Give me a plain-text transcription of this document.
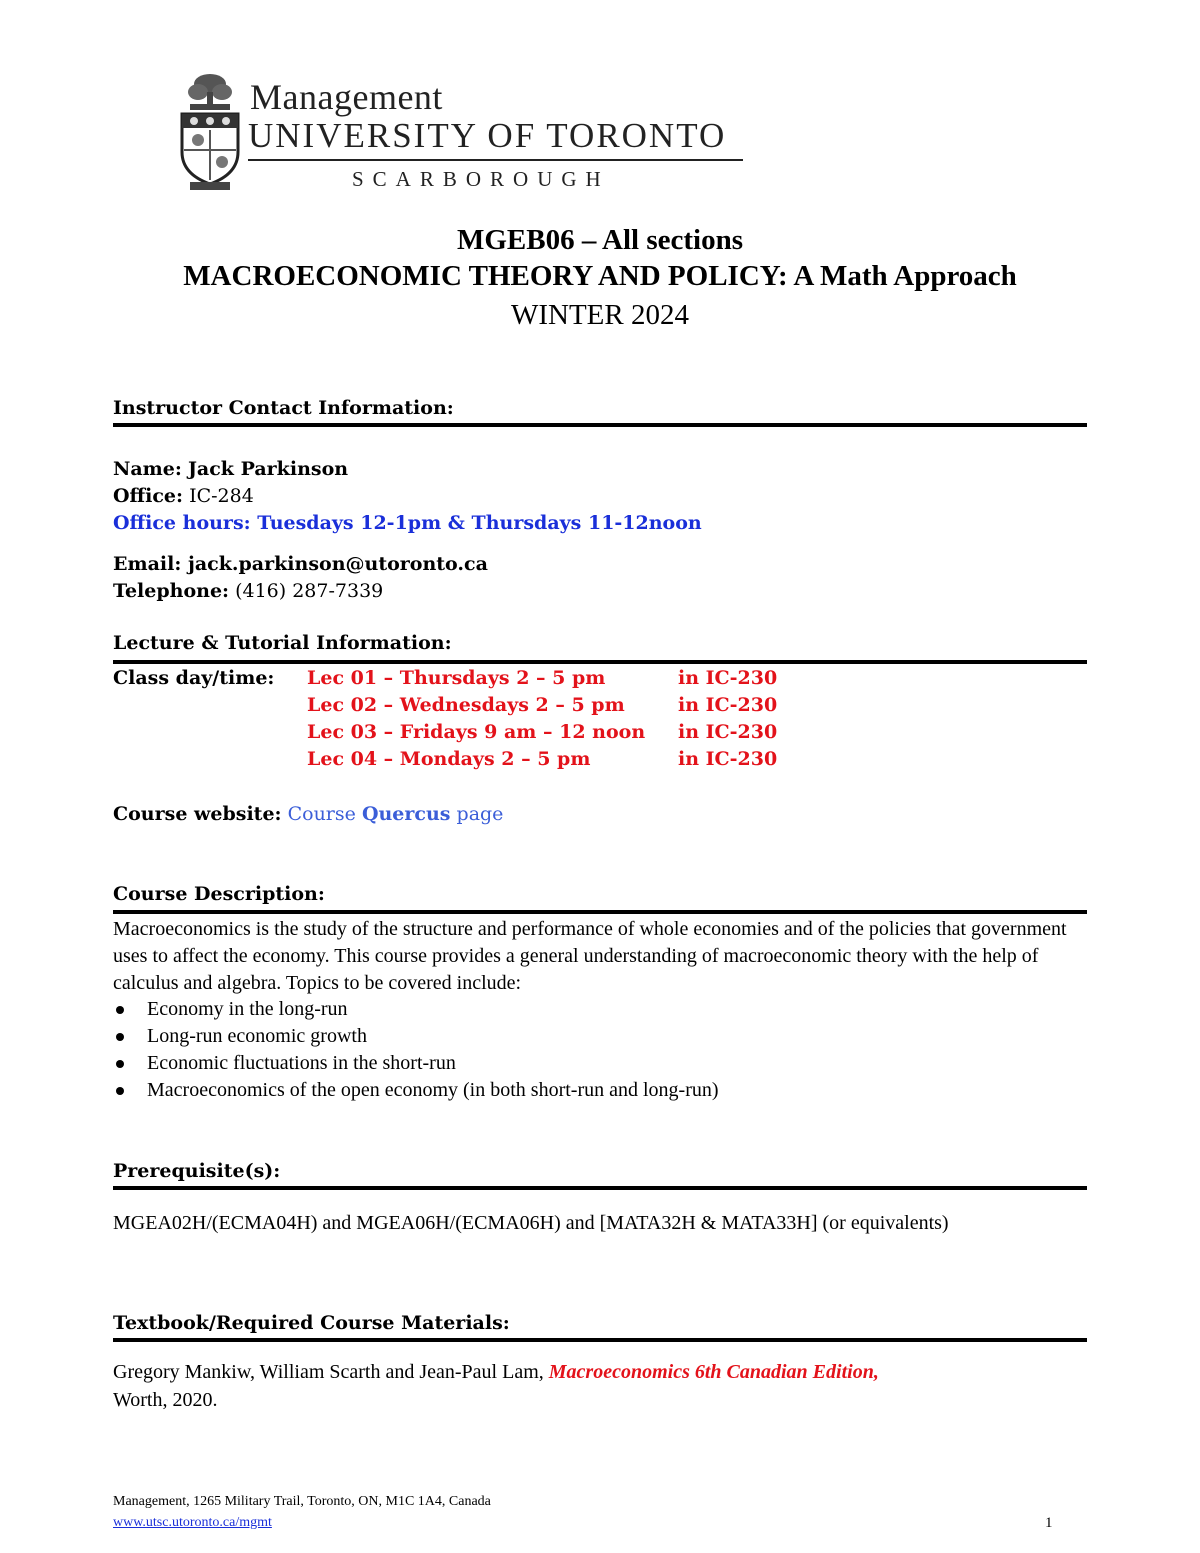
Management
UNIVERSITY OF TORONTO
SCARBOROUGH
MGEB06 – All sections
MACROECONOMIC THEORY AND POLICY: A Math Approach
WINTER 2024
Instructor Contact Information:
Name: Jack Parkinson
Office: IC-284
Office hours: Tuesdays 12-1pm & Thursdays 11-12noon
Email: jack.parkinson@utoronto.ca
Telephone: (416) 287-7339
Lecture & Tutorial Information:
Class day/time: Lec 01 – Thursdays 2 – 5 pm	in IC-230
Lec 02 – Wednesdays 2 – 5 pm	in IC-230
Lec 03 – Fridays 9 am – 12 noon in IC-230
Lec 04 – Mondays 2 – 5 pm	in IC-230
Course website: Course Quercus page
Course Description:
Macroeconomics is the study of the structure and performance of whole economies and of the policies that government uses to affect the economy. This course provides a general understanding of macroeconomic theory with the help of calculus and algebra. Topics to be covered include:
Economy in the long-run
Long-run economic growth
Economic fluctuations in the short-run
Macroeconomics of the open economy (in both short-run and long-run)
Prerequisite(s):
MGEA02H/(ECMA04H) and MGEA06H/(ECMA06H) and [MATA32H & MATA33H] (or equivalents)
Textbook/Required Course Materials:
Gregory Mankiw, William Scarth and Jean-Paul Lam, Macroeconomics 6th Canadian Edition,
Worth, 2020.
Management, 1265 Military Trail, Toronto, ON, M1C 1A4, Canada
www.utsc.utoronto.ca/mgmt	1
